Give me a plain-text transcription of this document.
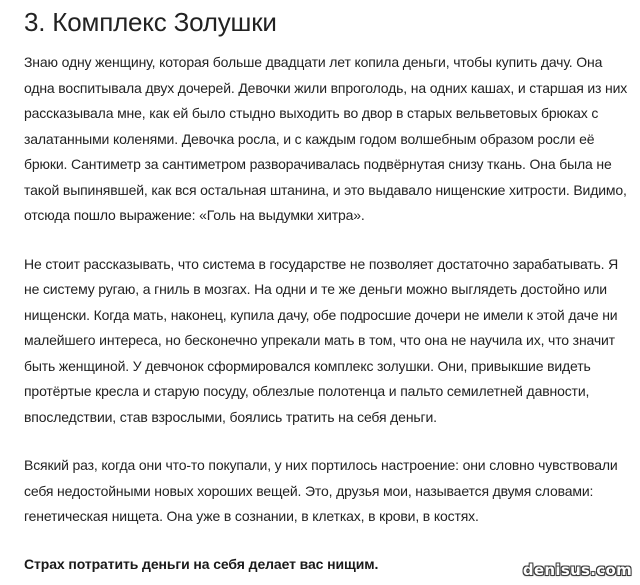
3. Комплекс Золушки

Знаю одну женщину, которая больше двадцати лет копила деньги, чтобы купить дачу. Она одна воспитывала двух дочерей. Девочки жили впроголодь, на одних кашах, и старшая из них рассказывала мне, как ей было стыдно выходить во двор в старых вельветовых брюках с залатанными коленями. Девочка росла, и с каждым годом волшебным образом росли её брюки. Сантиметр за сантиметром разворачивалась подвёрнутая снизу ткань. Она была не такой выпинявшей, как вся остальная штанина, и это выдавало нищенские хитрости. Видимо, отсюда пошло выражение: «Голь на выдумки хитра».

Не стоит рассказывать, что система в государстве не позволяет достаточно зарабатывать. Я не систему ругаю, а гниль в мозгах. На одни и те же деньги можно выглядеть достойно или нищенски. Когда мать, наконец, купила дачу, обе подросшие дочери не имели к этой даче ни малейшего интереса, но бесконечно упрекали мать в том, что она не научила их, что значит быть женщиной. У девчонок сформировался комплекс золушки. Они, привыкшие видеть протёртые кресла и старую посуду, облезлые полотенца и пальто семилетней давности, впоследствии, став взрослыми, боялись тратить на себя деньги.

Всякий раз, когда они что-то покупали, у них портилось настроение: они словно чувствовали себя недостойными новых хороших вещей. Это, друзья мои, называется двумя словами: генетическая нищета. Она уже в сознании, в клетках, в крови, в костях.

Страх потратить деньги на себя делает вас нищим.	denisus.com
